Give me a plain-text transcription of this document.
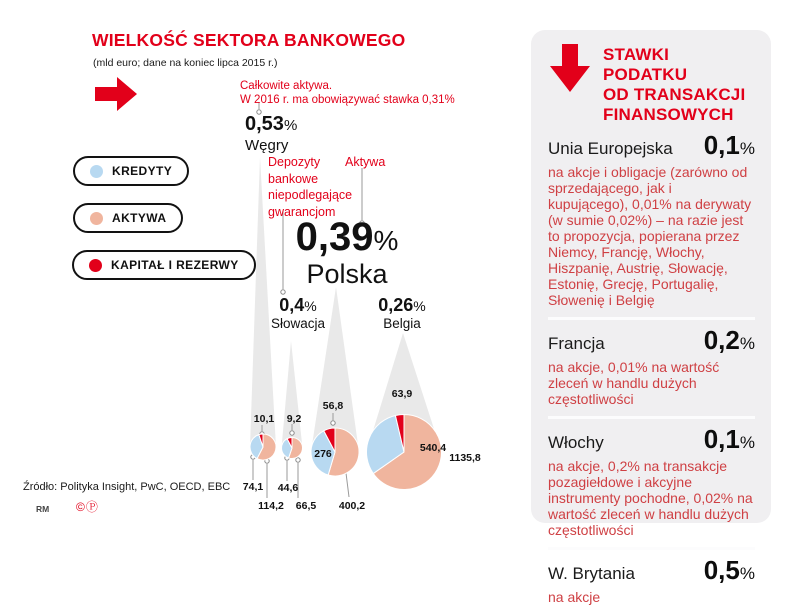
WIELKOŚĆ SEKTORA BANKOWEGO
(mld euro; dane na koniec lipca 2015 r.)
KREDYTY
AKTYWA
KAPITAŁ I REZERWY
Całkowite aktywa.
W 2016 r. ma obowiązywać stawka 0,31%
Depozyty bankowe niepodlegające gwarancjom
Aktywa
0,53%
Węgry
0,39%
Polska
0,4%
Słowacja
0,26%
Belgia
10,1
74,1
114,2
9,2
44,6
66,5
56,8
276
400,2
63,9
540,4
1135,8
Źródło: Polityka Insight, PwC, OECD, EBC
RM ©Ⓟ
STAWKI PODATKU
OD TRANSAKCJI
FINANSOWYCH
Unia Europejska 0,1%
na akcje i obligacje (zarówno od sprzedającego, jak i kupującego), 0,01% na derywaty (w sumie 0,02%) – na razie jest to propozycja, popierana przez Niemcy, Francję, Włochy, Hiszpanię, Austrię, Słowację, Estonię, Grecję, Portugalię, Słowenię i Belgię
Francja	0,2%
na akcje, 0,01% na wartość zleceń w handlu dużych częstotliwości
Włochy	0,1%
na akcje, 0,2% na transakcje pozagiełdowe i akcyjne instrumenty pochodne, 0,02% na wartość zleceń w handlu dużych częstotliwości
W. Brytania	0,5%
na akcje
